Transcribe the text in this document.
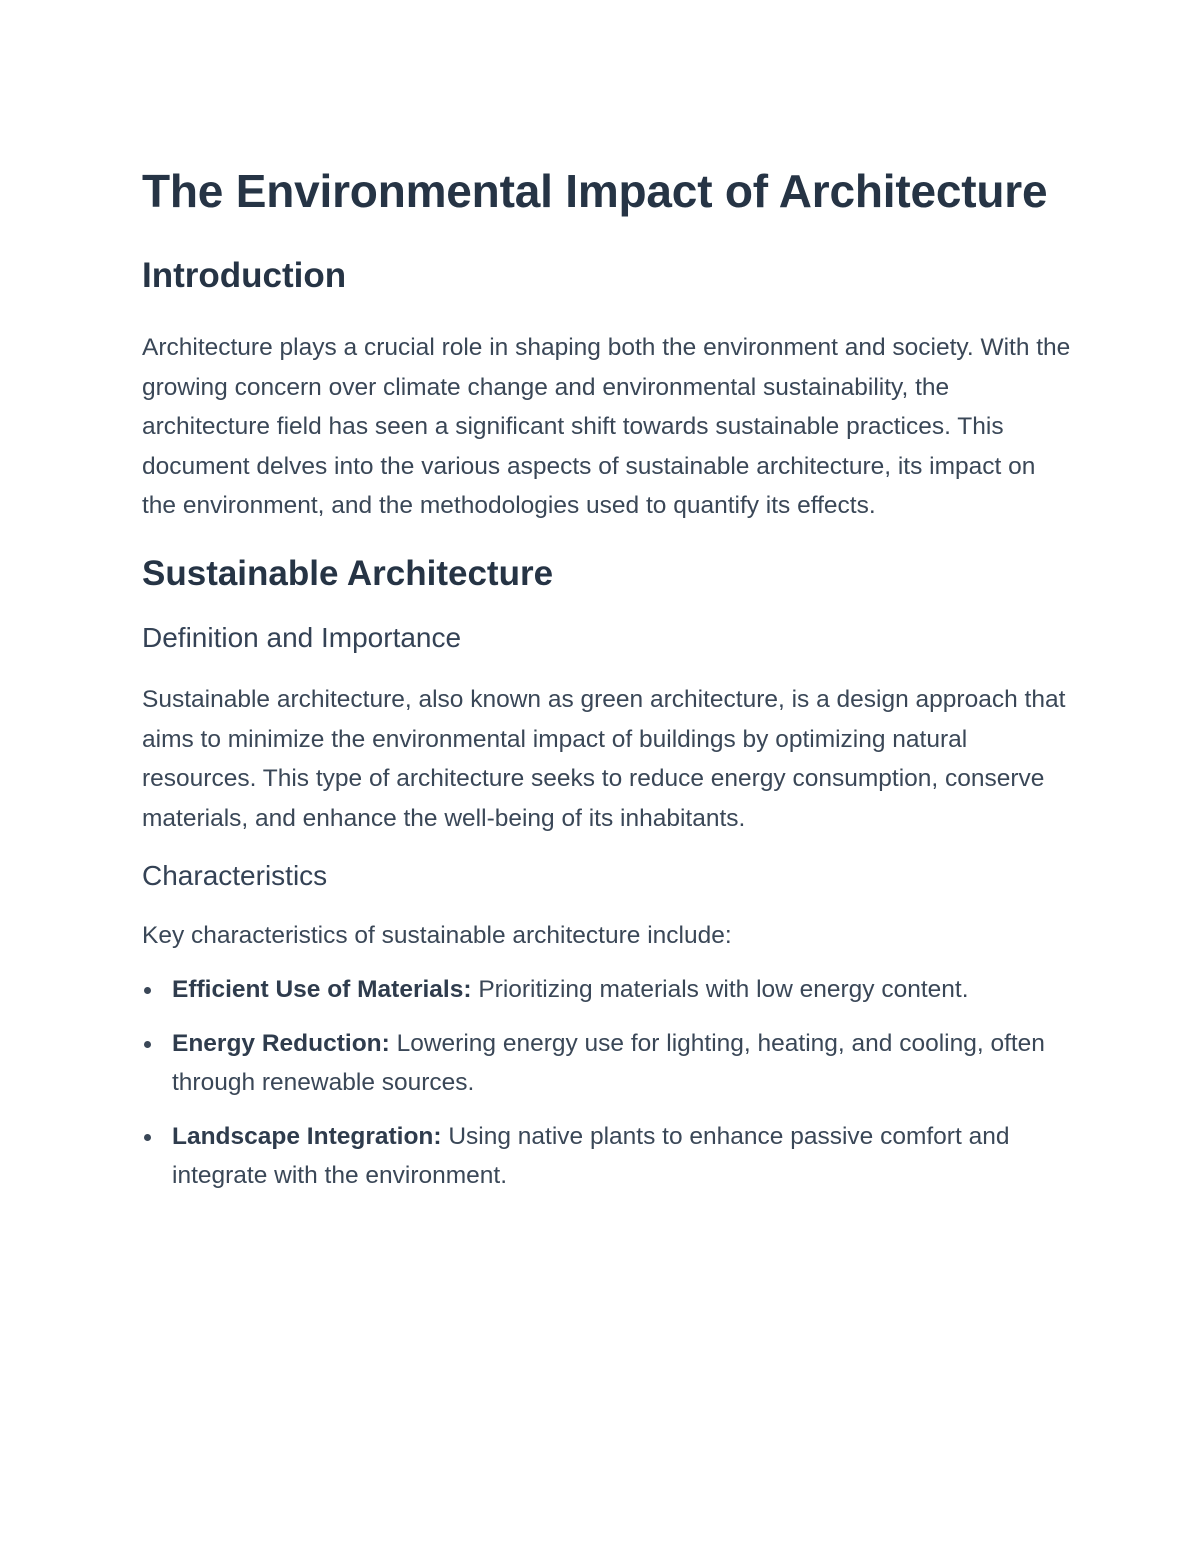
The Environmental Impact of Architecture
Introduction

Architecture plays a crucial role in shaping both the environment and society. With the growing concern over climate change and environmental sustainability, the architecture field has seen a significant shift towards sustainable practices. This document delves into the various aspects of sustainable architecture, its impact on the environment, and the methodologies used to quantify its effects.

Sustainable Architecture
Definition and Importance

Sustainable architecture, also known as green architecture, is a design approach that aims to minimize the environmental impact of buildings by optimizing natural resources. This type of architecture seeks to reduce energy consumption, conserve materials, and enhance the well-being of its inhabitants.

Characteristics

Key characteristics of sustainable architecture include:

Efficient Use of Materials: Prioritizing materials with low energy content.
Energy Reduction: Lowering energy use for lighting, heating, and cooling, often through renewable sources.
Landscape Integration: Using native plants to enhance passive comfort and integrate with the environment.
